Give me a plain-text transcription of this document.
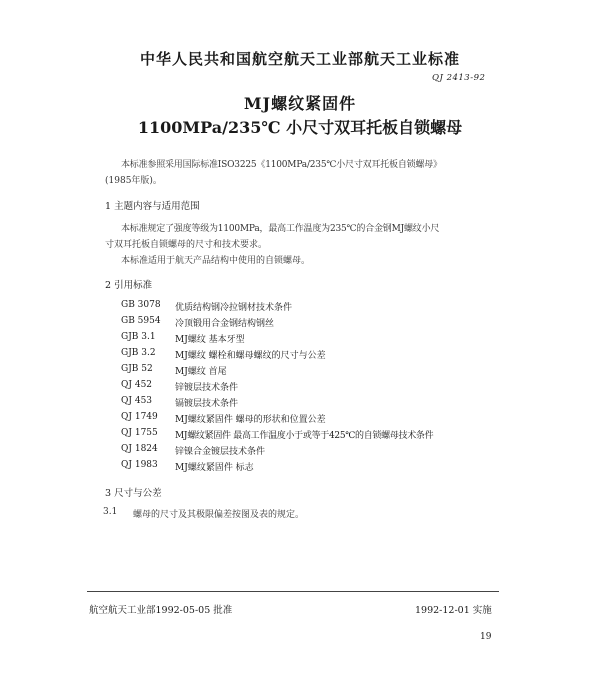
中华人民共和国航空航天工业部航天工业标准
QJ 2413-92
MJ螺纹紧固件
1100MPa/235℃ 小尺寸双耳托板自锁螺母
本标准参照采用国际标准ISO3225《1100MPa/235℃小尺寸双耳托板自锁螺母》
(1985年版)。
1 主题内容与适用范围
本标准规定了强度等级为1100MPa，最高工作温度为235℃的合金钢MJ螺纹小尺
寸双耳托板自锁螺母的尺寸和技术要求。
本标准适用于航天产品结构中使用的自锁螺母。
2 引用标准
GB 3078 优质结构钢冷拉钢材技术条件
GB 5954 冷顶锻用合金钢结构钢丝
GJB 3.1 MJ螺纹 基本牙型
GJB 3.2 MJ螺纹 螺栓和螺母螺纹的尺寸与公差
GJB 52 MJ螺纹 首尾
QJ 452	锌镀层技术条件
QJ 453	镉镀层技术条件
QJ 1749 MJ螺纹紧固件 螺母的形状和位置公差
QJ 1755 MJ螺纹紧固件 最高工作温度小于或等于425℃的自锁螺母技术条件
QJ 1824 锌镍合金镀层技术条件
QJ 1983 MJ螺纹紧固件 标志
3 尺寸与公差
3.1 螺母的尺寸及其极限偏差按图及表的规定。
航空航天工业部1992-05-05 批准	1992-12-01 实施
19
